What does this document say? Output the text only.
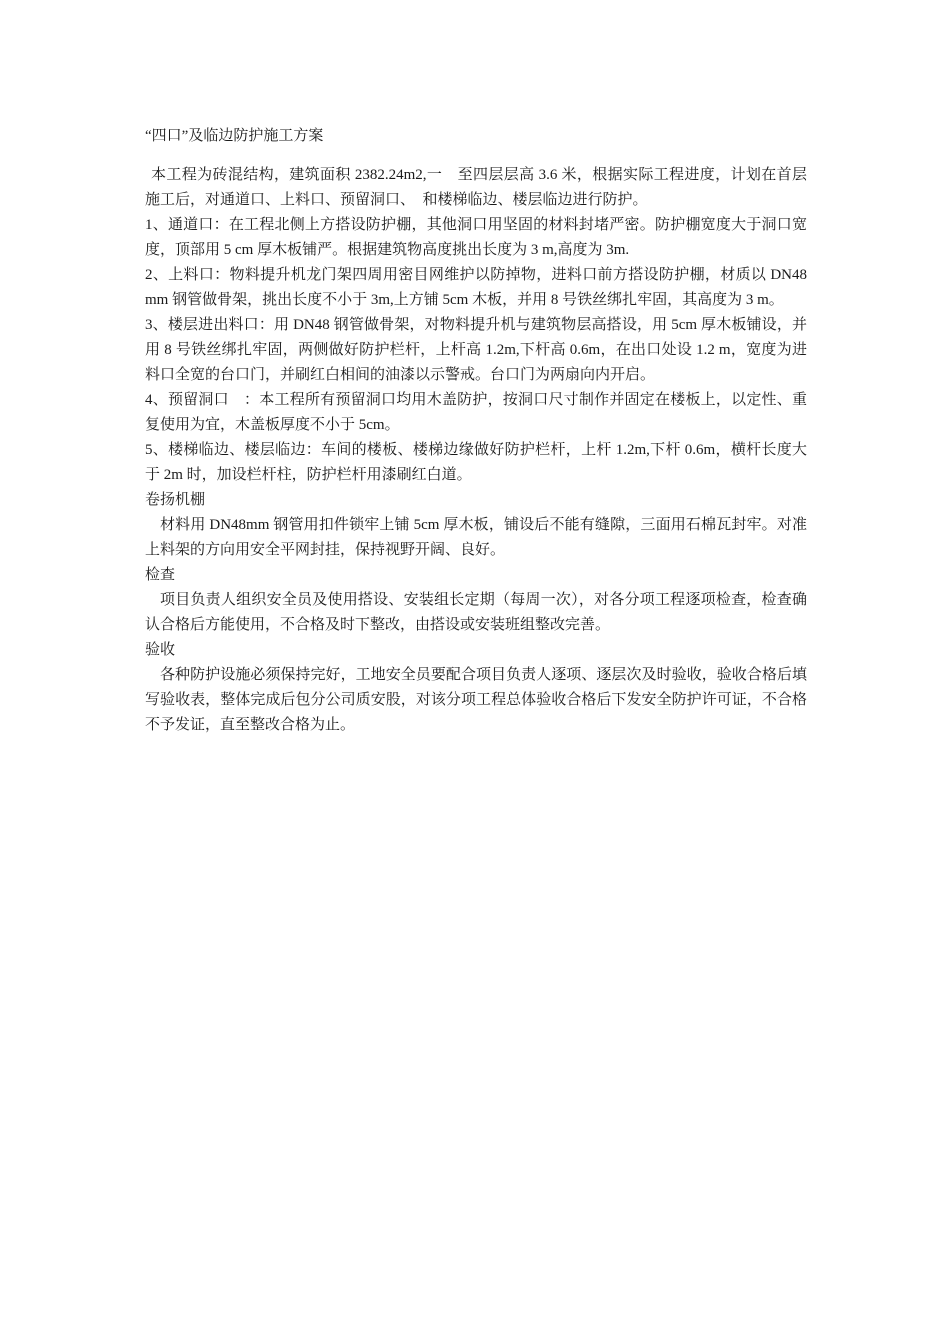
“四口”及临边防护施工方案

本工程为砖混结构，建筑面积 2382.24m2,一　至四层层高 3.6 米，根据实际工程进度，计划在首层施工后，对通道口、上料口、预留洞口、　和楼梯临边、楼层临边进行防护。

1、通道口：在工程北侧上方搭设防护棚，其他洞口用坚固的材料封堵严密。防护棚宽度大于洞口宽度，顶部用 5 cm 厚木板铺严。根据建筑物高度挑出长度为 3 m,高度为 3m.

2、上料口：物料提升机龙门架四周用密目网维护以防掉物，进料口前方搭设防护棚，材质以 DN48 mm 钢管做骨架，挑出长度不小于 3m,上方铺 5cm 木板，并用 8 号铁丝绑扎牢固，其高度为 3 m。

3、楼层进出料口：用 DN48 钢管做骨架，对物料提升机与建筑物层高搭设，用 5cm 厚木板铺设，并用 8 号铁丝绑扎牢固，两侧做好防护栏杆，上杆高 1.2m,下杆高 0.6m，在出口处设 1.2 m，宽度为进料口全宽的台口门，并刷红白相间的油漆以示警戒。台口门为两扇向内开启。

4、预留洞口　：本工程所有预留洞口均用木盖防护，按洞口尺寸制作并固定在楼板上，以定性、重复使用为宜，木盖板厚度不小于 5cm。

5、楼梯临边、楼层临边：车间的楼板、楼梯边缘做好防护栏杆，上杆 1.2m,下杆 0.6m，横杆长度大于 2m 时，加设栏杆柱，防护栏杆用漆刷红白道。

卷扬机棚

材料用 DN48mm 钢管用扣件锁牢上铺 5cm 厚木板，铺设后不能有缝隙，三面用石棉瓦封牢。对准上料架的方向用安全平网封挂，保持视野开阔、良好。

检查

项目负责人组织安全员及使用搭设、安装组长定期（每周一次），对各分项工程逐项检查，检查确认合格后方能使用，不合格及时下整改，由搭设或安装班组整改完善。

验收

各种防护设施必须保持完好，工地安全员要配合项目负责人逐项、逐层次及时验收，验收合格后填写验收表，整体完成后包分公司质安股，对该分项工程总体验收合格后下发安全防护许可证，不合格不予发证，直至整改合格为止。
